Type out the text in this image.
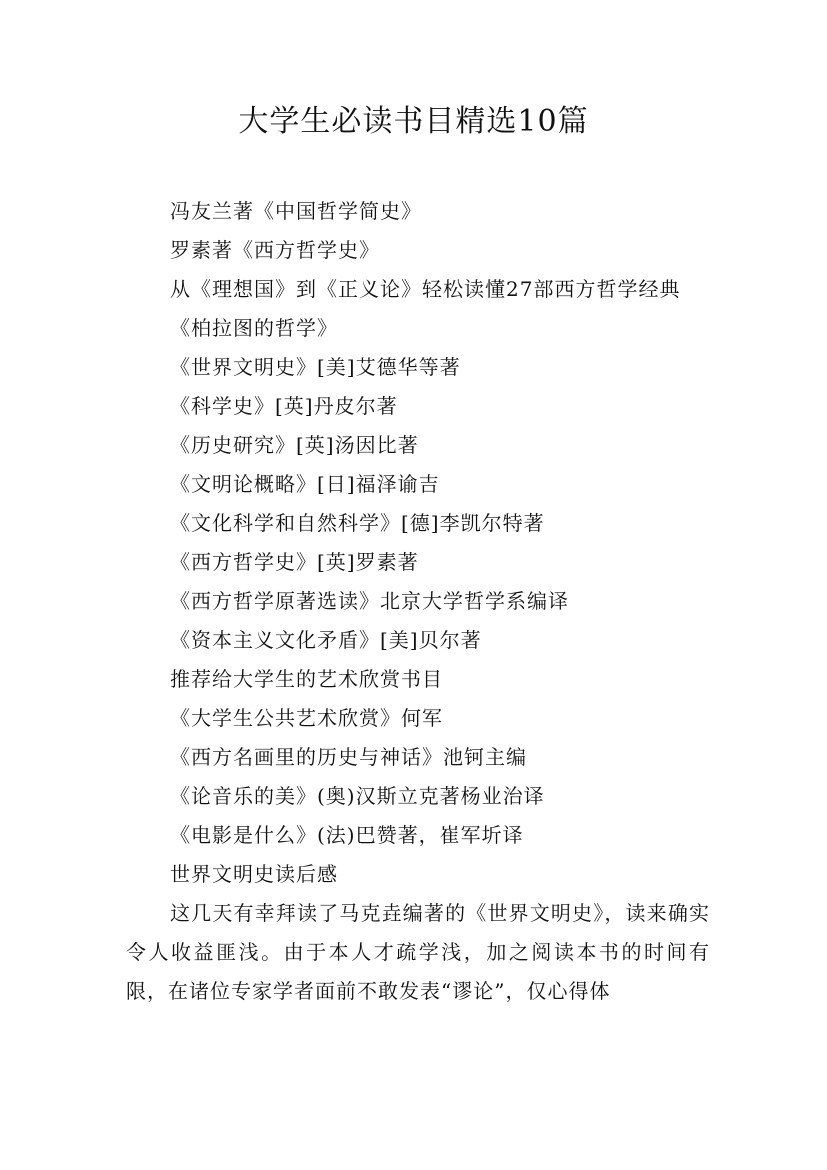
大学生必读书目精选10篇

冯友兰著《中国哲学简史》

罗素著《西方哲学史》

从《理想国》到《正义论》轻松读懂27部西方哲学经典

《柏拉图的哲学》

《世界文明史》[美]艾德华等著

《科学史》[英]丹皮尔著

《历史研究》[英]汤因比著

《文明论概略》[日]福泽谕吉

《文化科学和自然科学》[德]李凯尔特著

《西方哲学史》[英]罗素著

《西方哲学原著选读》北京大学哲学系编译

《资本主义文化矛盾》[美]贝尔著

推荐给大学生的艺术欣赏书目

《大学生公共艺术欣赏》何军

《西方名画里的历史与神话》池钶主编

《论音乐的美》(奥)汉斯立克著杨业治译

《电影是什么》(法)巴赞著，崔军圻译

世界文明史读后感

这几天有幸拜读了马克垚编著的《世界文明史》，读来确实令人收益匪浅。由于本人才疏学浅，加之阅读本书的时间有限，在诸位专家学者面前不敢发表“谬论”，仅心得体
